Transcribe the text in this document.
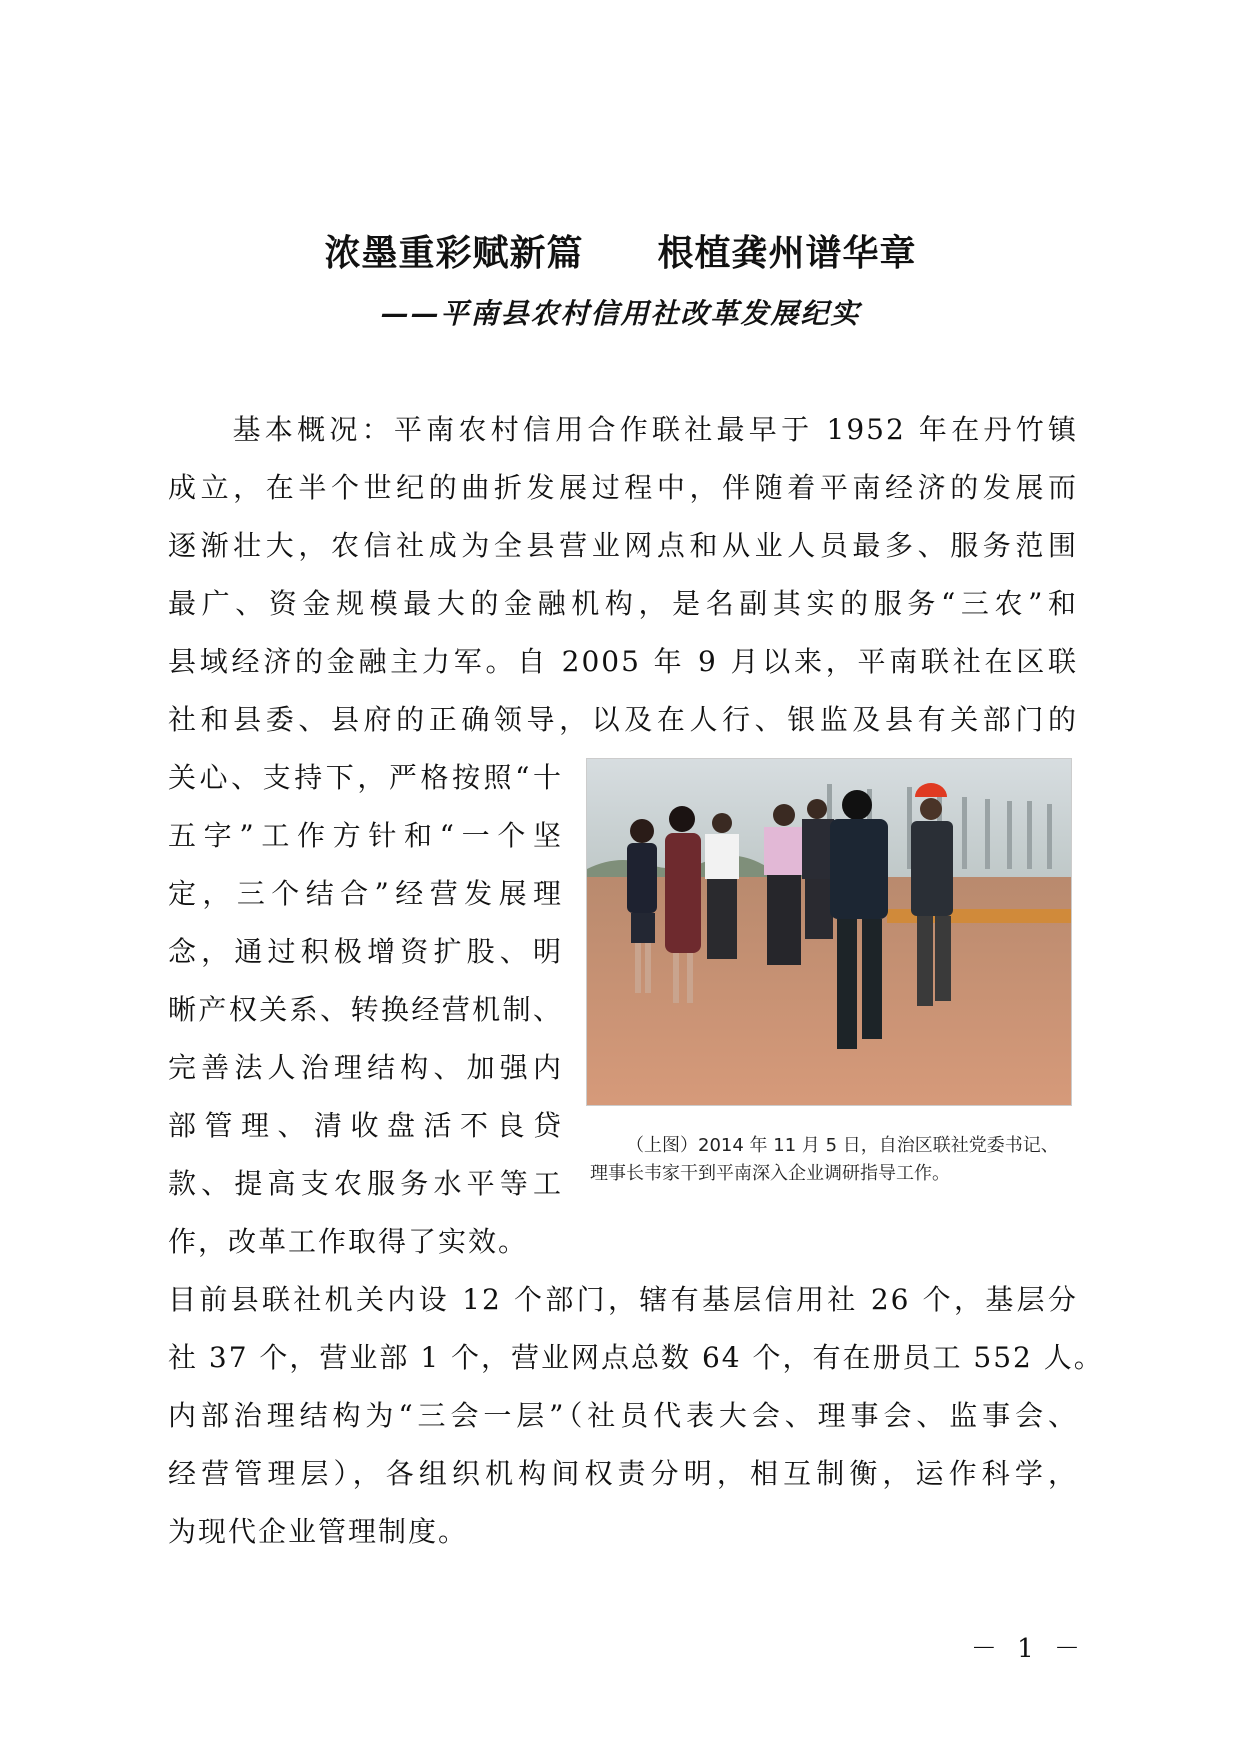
浓墨重彩赋新篇　　根植龚州谱华章
——平南县农村信用社改革发展纪实
　　基本概况：平南农村信用合作联社最早于 1952 年在丹竹镇
成立，在半个世纪的曲折发展过程中，伴随着平南经济的发展而
逐渐壮大，农信社成为全县营业网点和从业人员最多、服务范围
最广、资金规模最大的金融机构，是名副其实的服务“三农”和
县域经济的金融主力军。自 2005 年 9 月以来，平南联社在区联
社和县委、县府的正确领导，以及在人行、银监及县有关部门的
关心、支持下，严格按照“十
五字”工作方针和“一个坚
定，三个结合”经营发展理
念，通过积极增资扩股、明
晰产权关系、转换经营机制、
完善法人治理结构、加强内
部管理、清收盘活不良贷
款、提高支农服务水平等工
作，改革工作取得了实效。
（上图）2014 年 11 月 5 日，自治区联社党委书记、理事长韦家干到平南深入企业调研指导工作。
目前县联社机关内设 12 个部门，辖有基层信用社 26 个，基层分
社 37 个，营业部 1 个，营业网点总数 64 个，有在册员工 552 人。
内部治理结构为“三会一层”（社员代表大会、理事会、监事会、
经营管理层），各组织机构间权责分明，相互制衡，运作科学，
为现代企业管理制度。
－ 1 －
